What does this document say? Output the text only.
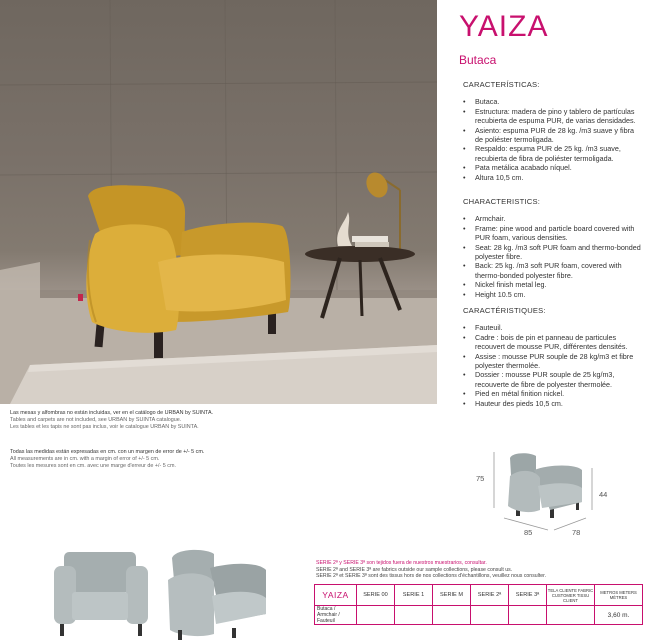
YAIZA
Butaca
CARACTERÍSTICAS:
• Butaca.
• Estructura: madera de pino y tablero de partículas recubierta de espuma PUR, de varias densidades.
• Asiento: espuma PUR de 28 kg. /m3 suave y fibra de poliéster termoligada.
• Respaldo: espuma PUR de 25 kg. /m3 suave, recubierta de fibra de poliéster termoligada.
• Pata metálica acabado níquel.
• Altura 10,5 cm.
CHARACTERISTICS:
• Armchair.
• Frame: pine wood and particle board covered with PUR foam, various densities.
• Seat: 28 kg. /m3 soft PUR foam and thermo-bonded polyester fibre.
• Back: 25 kg. /m3 soft PUR foam, covered with thermo-bonded polyester fibre.
• Nickel finish metal leg.
• Height 10.5 cm.
CARACTÉRISTIQUES:
• Fauteuil.
• Cadre : bois de pin et panneau de particules recouvert de mousse PUR, différentes densités.
• Assise : mousse PUR souple de 28 kg/m3 et fibre polyester thermolée.
• Dossier : mousse PUR souple de 25 kg/m3, recouverte de fibre de polyester thermolée.
• Pied en métal finition nickel.
• Hauteur des pieds 10,5 cm.
Las mesas y alfombras no están incluidas, ver en el catálogo de URBAN by SUINTA.
Tables and carpets are not included, see URBAN by SUINTA catalogue.
Les tables et les tapis ne sont pas inclus, voir le catalogue URBAN by SUINTA.
Todas las medidas están expresadas en cm. con un margen de error de +/- 5 cm.
All measurements are in cm. with a margin of error of +/- 5 cm.
Toutes les mesures sont en cm. avec une marge d'erreur de +/- 5 cm.
75
44
85	78
SERIE 2ª y SERIE 3ª son tejidos fuera de nuestros muestrarios, consultar.
SERIE 2ª and SERIE 3ª are fabrics outside our sample collections, please consult us.
SERIE 2ª et SERIE 3ª sont des tissus hors de nos collections d'échantillons, veuillez nous consulter.
YAIZA	SERIE 00	SERIE 1	SERIE M	SERIE 2ª	SERIE 3ª	TELA CLIENTE FABRIC CUSTOMER TISSU CLIENT	METROS METERS MÈTRES
Butaca / Armchair / Fauteuil							3,60 m.
